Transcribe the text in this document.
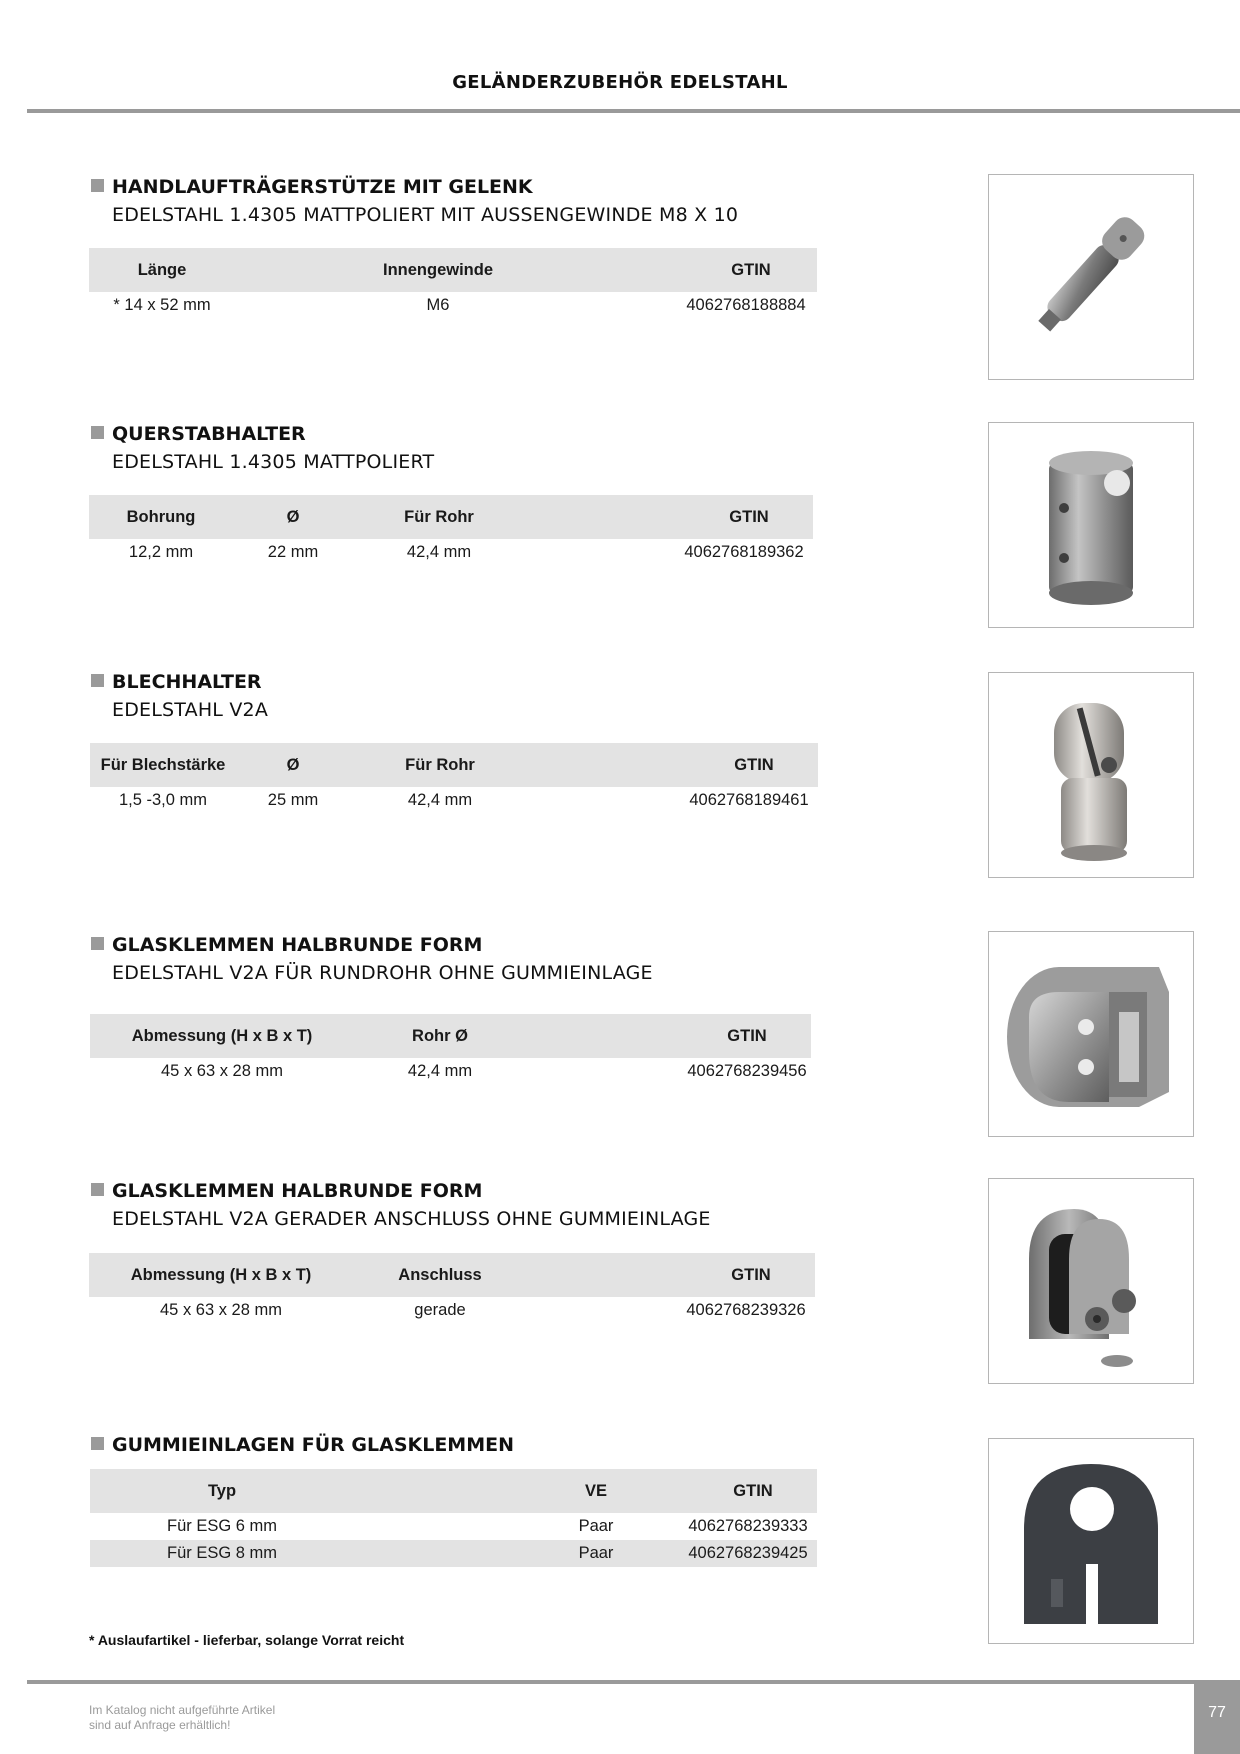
GELÄNDERZUBEHÖR EDELSTAHL
HANDLAUFTRÄGERSTÜTZE MIT GELENK
EDELSTAHL 1.4305 MATTPOLIERT MIT AUSSENGEWINDE M8 X 10
Länge	Innengewinde	GTIN
* 14 x 52 mm	M6	4062768188884
QUERSTABHALTER
EDELSTAHL 1.4305 MATTPOLIERT
Bohrung	Ø	Für Rohr	GTIN
12,2 mm	22 mm	42,4 mm	4062768189362
BLECHHALTER
EDELSTAHL V2A
Für Blechstärke	Ø	Für Rohr	GTIN
1,5 -3,0 mm	25 mm	42,4 mm	4062768189461
GLASKLEMMEN HALBRUNDE FORM
EDELSTAHL V2A FÜR RUNDROHR OHNE GUMMIEINLAGE
Abmessung (H x B x T)	Rohr Ø	GTIN
45 x 63 x 28 mm	42,4 mm	4062768239456
GLASKLEMMEN HALBRUNDE FORM
EDELSTAHL V2A GERADER ANSCHLUSS OHNE GUMMIEINLAGE
Abmessung (H x B x T)	Anschluss	GTIN
45 x 63 x 28 mm	gerade	4062768239326
GUMMIEINLAGEN FÜR GLASKLEMMEN
Typ	VE	GTIN
Für ESG 6 mm	Paar	4062768239333
Für ESG 8 mm	Paar	4062768239425
* Auslaufartikel - lieferbar, solange Vorrat reicht
Im Katalog nicht aufgeführte Artikel
sind auf Anfrage erhältlich!
77
